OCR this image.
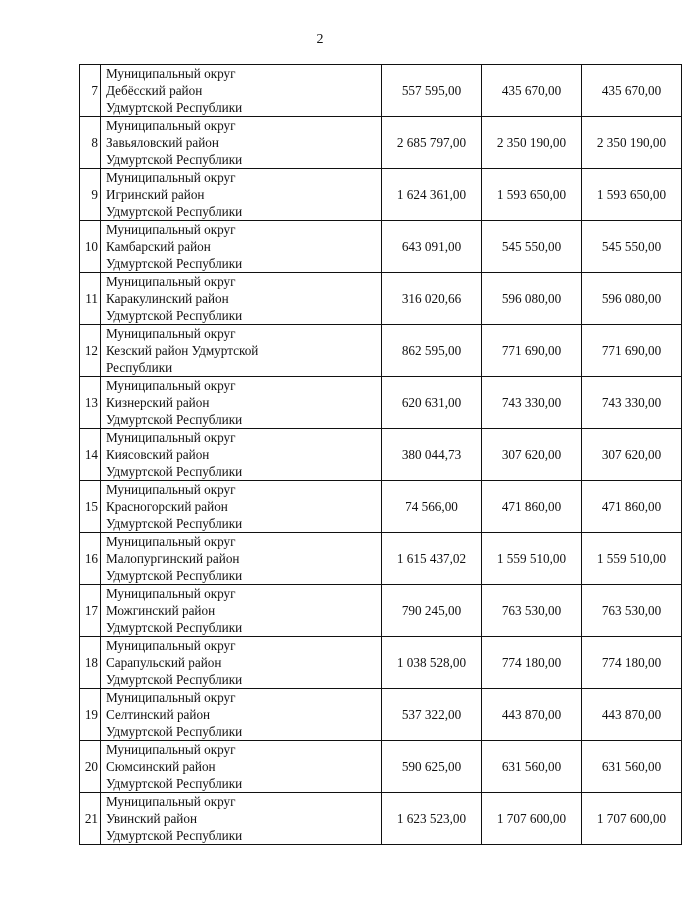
2
7	Муниципальный округ
Дебёсский район
Удмуртской Республики	557 595,00	435 670,00	435 670,00
8	Муниципальный округ
Завьяловский район
Удмуртской Республики	2 685 797,00	2 350 190,00	2 350 190,00
9	Муниципальный округ
Игринский район
Удмуртской Республики	1 624 361,00	1 593 650,00	1 593 650,00
10	Муниципальный округ
Камбарский район
Удмуртской Республики	643 091,00	545 550,00	545 550,00
11	Муниципальный округ
Каракулинский район
Удмуртской Республики	316 020,66	596 080,00	596 080,00
12	Муниципальный округ
Кезский район Удмуртской
Республики	862 595,00	771 690,00	771 690,00
13	Муниципальный округ
Кизнерский район
Удмуртской Республики	620 631,00	743 330,00	743 330,00
14	Муниципальный округ
Киясовский район
Удмуртской Республики	380 044,73	307 620,00	307 620,00
15	Муниципальный округ
Красногорский район
Удмуртской Республики	74 566,00	471 860,00	471 860,00
16	Муниципальный округ
Малопургинский район
Удмуртской Республики	1 615 437,02	1 559 510,00	1 559 510,00
17	Муниципальный округ
Можгинский район
Удмуртской Республики	790 245,00	763 530,00	763 530,00
18	Муниципальный округ
Сарапульский район
Удмуртской Республики	1 038 528,00	774 180,00	774 180,00
19	Муниципальный округ
Селтинский район
Удмуртской Республики	537 322,00	443 870,00	443 870,00
20	Муниципальный округ
Сюмсинский район
Удмуртской Республики	590 625,00	631 560,00	631 560,00
21	Муниципальный округ
Увинский район
Удмуртской Республики	1 623 523,00	1 707 600,00	1 707 600,00
